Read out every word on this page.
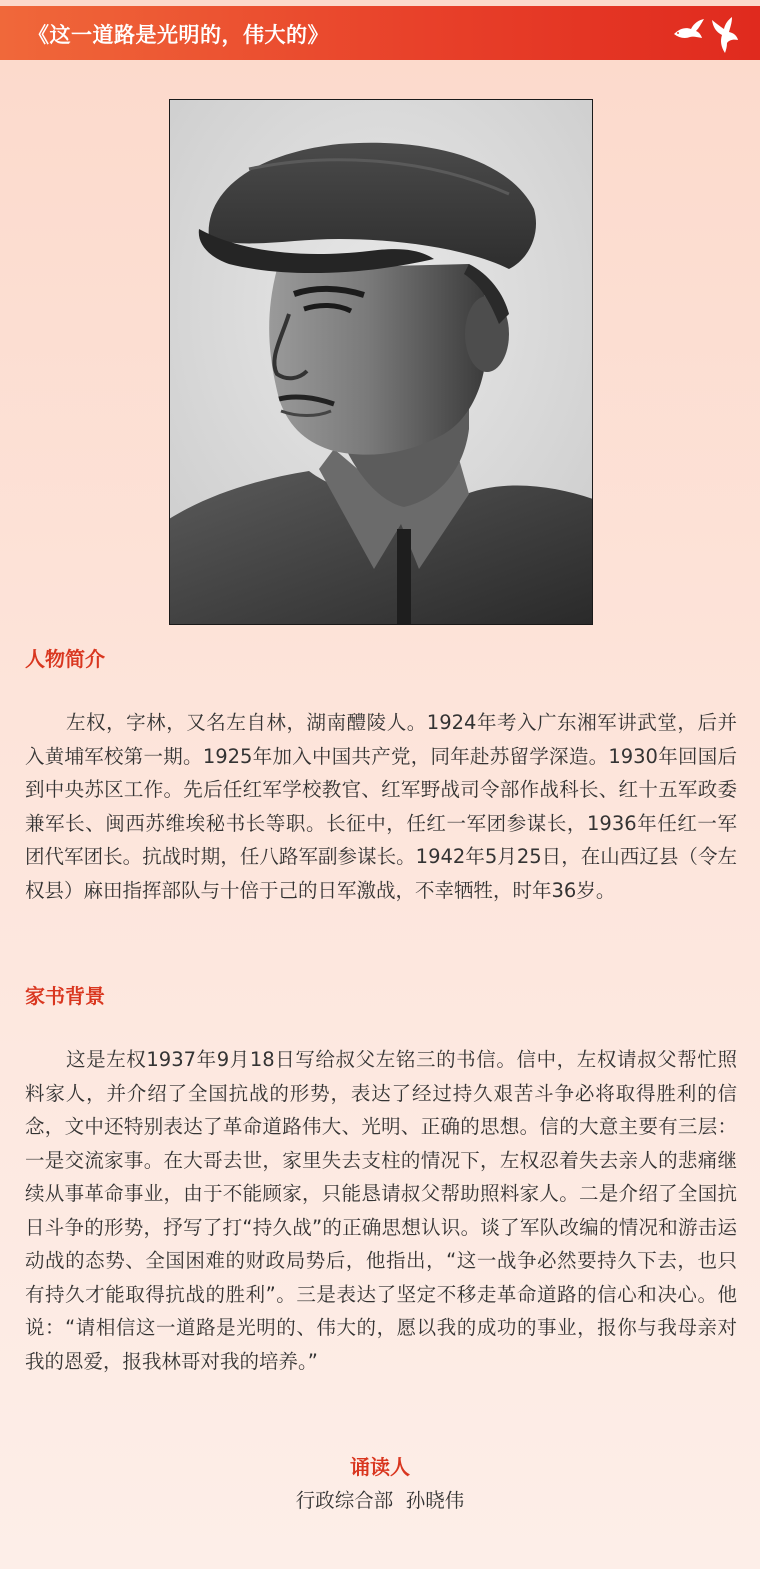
《这一道路是光明的，伟大的》
人物简介
左权，字林，又名左自林，湖南醴陵人。1924年考入广东湘军讲武堂，后并入黄埔军校第一期。1925年加入中国共产党，同年赴苏留学深造。1930年回国后到中央苏区工作。先后任红军学校教官、红军野战司令部作战科长、红十五军政委兼军长、闽西苏维埃秘书长等职。长征中，任红一军团参谋长，1936年任红一军团代军团长。抗战时期，任八路军副参谋长。1942年5月25日，在山西辽县（令左权县）麻田指挥部队与十倍于己的日军激战，不幸牺牲，时年36岁。
家书背景
这是左权1937年9月18日写给叔父左铭三的书信。信中，左权请叔父帮忙照料家人，并介绍了全国抗战的形势，表达了经过持久艰苦斗争必将取得胜利的信念，文中还特别表达了革命道路伟大、光明、正确的思想。信的大意主要有三层：一是交流家事。在大哥去世，家里失去支柱的情况下，左权忍着失去亲人的悲痛继续从事革命事业，由于不能顾家，只能恳请叔父帮助照料家人。二是介绍了全国抗日斗争的形势，抒写了打“持久战”的正确思想认识。谈了军队改编的情况和游击运动战的态势、全国困难的财政局势后，他指出，“这一战争必然要持久下去，也只有持久才能取得抗战的胜利”。三是表达了坚定不移走革命道路的信心和决心。他说：“请相信这一道路是光明的、伟大的，愿以我的成功的事业，报你与我母亲对我的恩爱，报我林哥对我的培养。”
诵读人
行政综合部  孙晓伟
